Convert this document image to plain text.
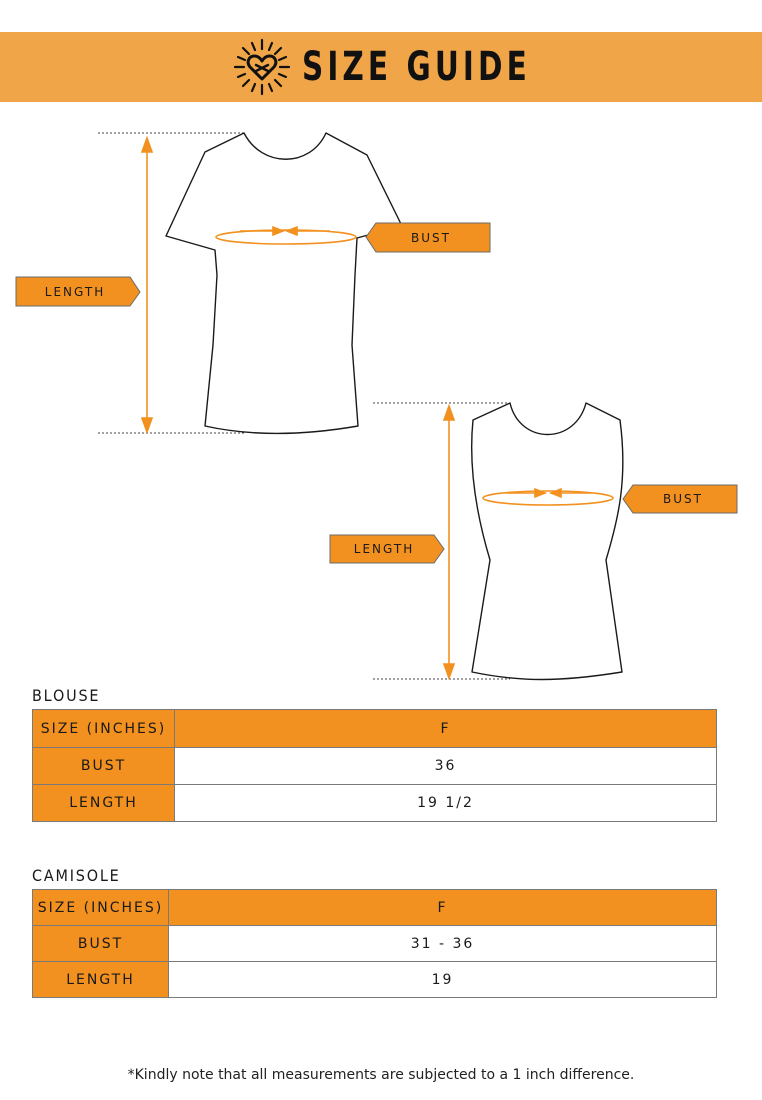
SIZE GUIDE
LENGTH
BUST
LENGTH
BUST
BLOUSE
SIZE (INCHES)	F
BUST	36
LENGTH	19 1/2
CAMISOLE
SIZE (INCHES)	F
BUST	31 - 36
LENGTH	19
*Kindly note that all measurements are subjected to a 1 inch difference.
